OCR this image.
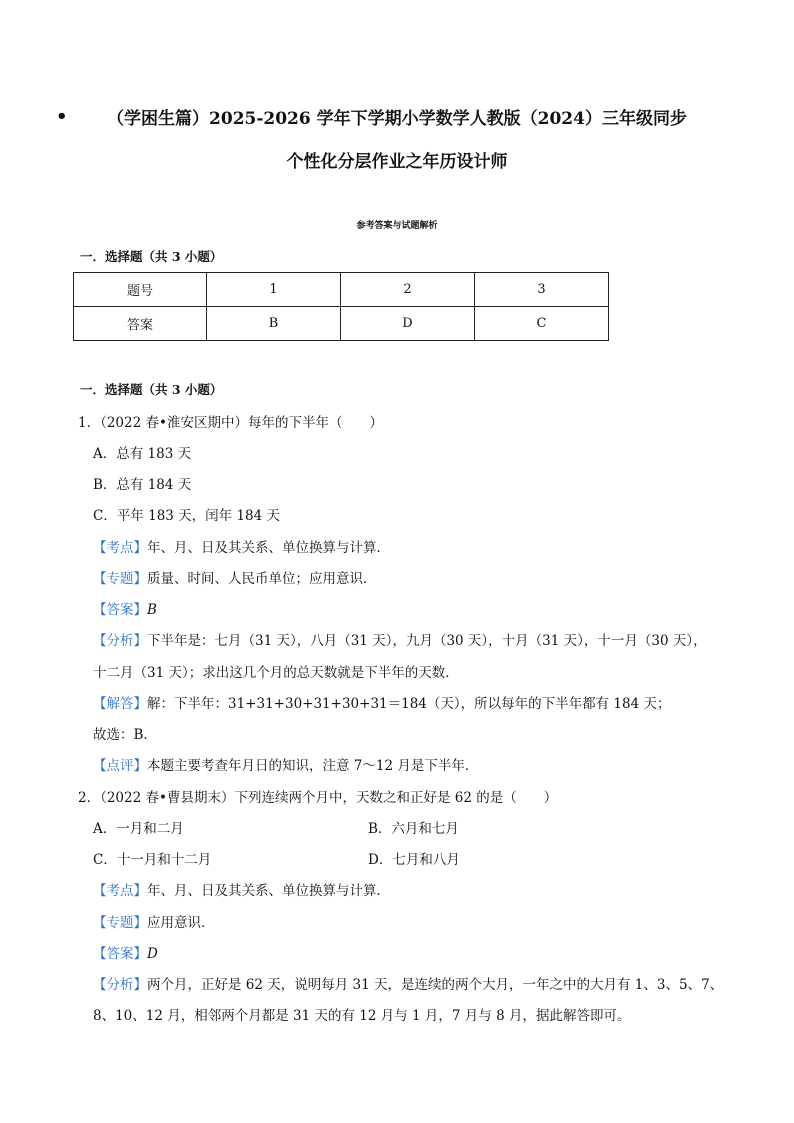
•	（学困生篇）2025-2026 学年下学期小学数学人教版（2024）三年级同步
个性化分层作业之年历设计师
参考答案与试题解析
一．选择题（共 3 小题）
题号	1	2	3
答案	B	D	C
一．选择题（共 3 小题）
1．（2022 春•淮安区期中）每年的下半年（　　）
A．总有 183 天
B．总有 184 天
C．平年 183 天，闰年 184 天
【考点】年、月、日及其关系、单位换算与计算．
【专题】质量、时间、人民币单位；应用意识．
【答案】B
【分析】下半年是：七月（31 天），八月（31 天），九月（30 天），十月（31 天），十一月（30 天），
十二月（31 天）；求出这几个月的总天数就是下半年的天数．
【解答】解：下半年：31+31+30+31+30+31＝184（天），所以每年的下半年都有 184 天；
故选：B．
【点评】本题主要考查年月日的知识，注意 7～12 月是下半年．
2．（2022 春•曹县期末）下列连续两个月中，天数之和正好是 62 的是（　　）
A．一月和二月	B．六月和七月
C．十一月和十二月	D．七月和八月
【考点】年、月、日及其关系、单位换算与计算．
【专题】应用意识．
【答案】D
【分析】两个月，正好是 62 天，说明每月 31 天，是连续的两个大月，一年之中的大月有 1、3、5、7、
8、10、12 月，相邻两个月都是 31 天的有 12 月与 1 月，7 月与 8 月，据此解答即可。
